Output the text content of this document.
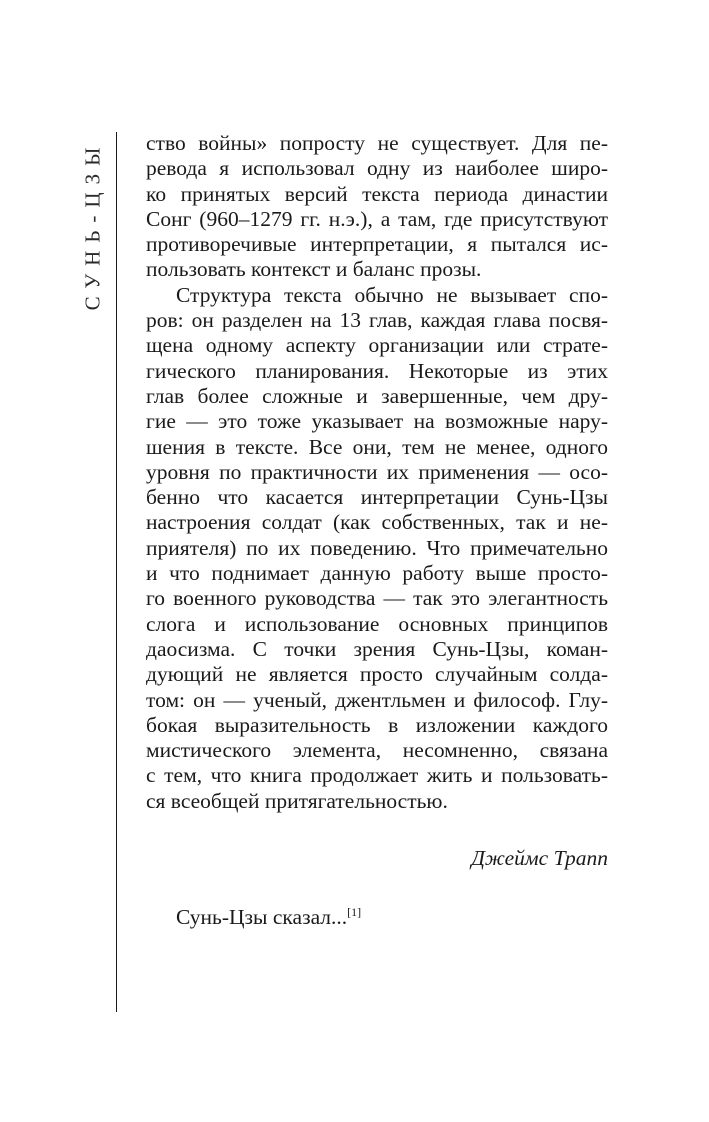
СУНЬ-ЦЗЫ ство войны» попросту не существует. Для пе-
ревода я использовал одну из наиболее широ-
ко принятых версий текста периода династии
Сонг (960–1279 гг. н.э.), а там, где присутствуют
противоречивые интерпретации, я пытался ис-
пользовать контекст и баланс прозы.
Структура текста обычно не вызывает спо-
ров: он разделен на 13 глав, каждая глава посвя-
щена одному аспекту организации или страте-
гического планирования. Некоторые из этих
глав более сложные и завершенные, чем дру-
гие — это тоже указывает на возможные нару-
шения в тексте. Все они, тем не менее, одного
уровня по практичности их применения — осо-
бенно что касается интерпретации Сунь-Цзы
настроения солдат (как собственных, так и не-
приятеля) по их поведению. Что примечательно
и что поднимает данную работу выше просто-
го военного руководства — так это элегантность
слога и использование основных принципов
даосизма. С точки зрения Сунь-Цзы, коман-
дующий не является просто случайным солда-
том: он — ученый, джентльмен и философ. Глу-
бокая выразительность в изложении каждого
мистического элемента, несомненно, связана
с тем, что книга продолжает жить и пользовать-
ся всеобщей притягательностью.
Джеймс Трапп
Сунь-Цзы сказал...[1]
